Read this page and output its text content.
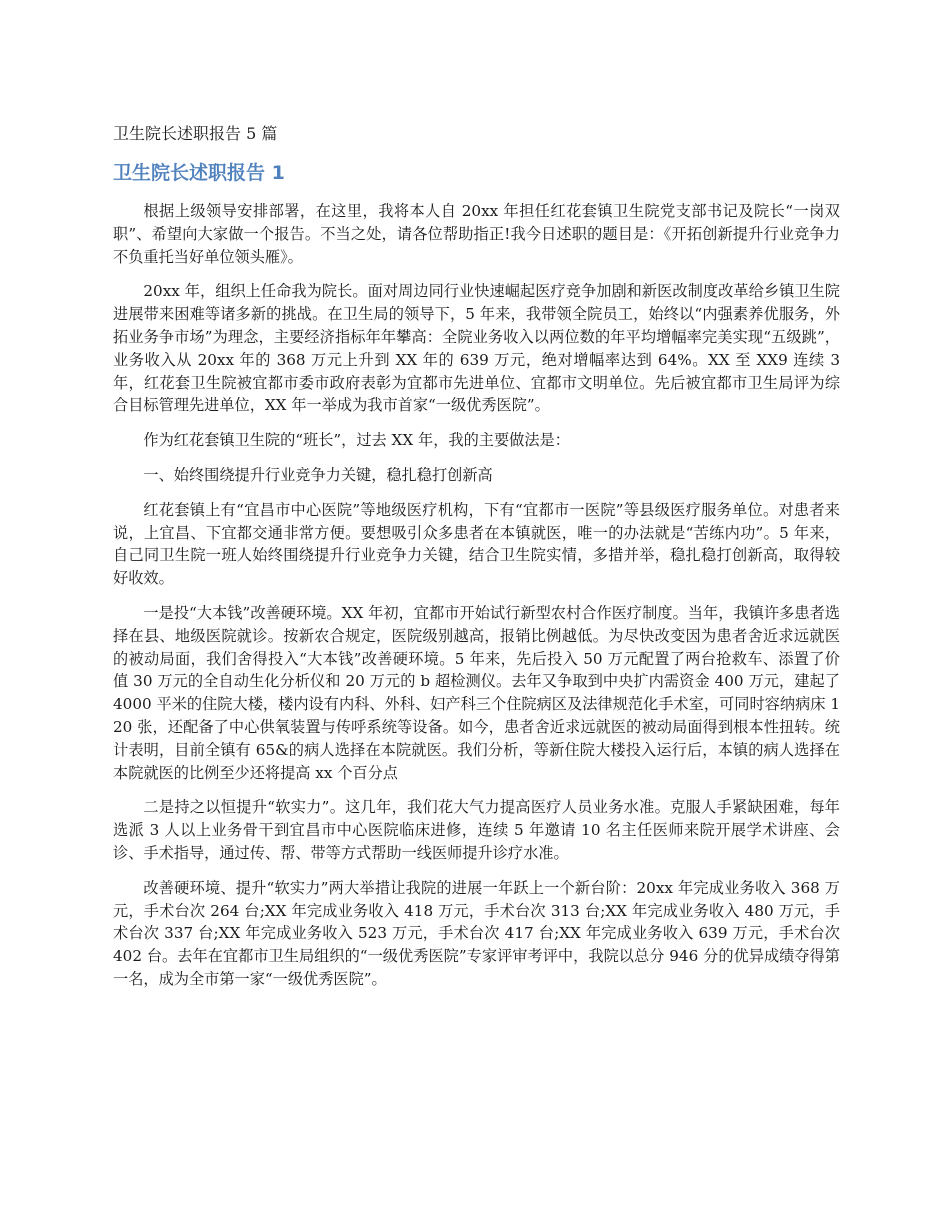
卫生院长述职报告 5 篇
卫生院长述职报告 1

根据上级领导安排部署，在这里，我将本人自 20xx 年担任红花套镇卫生院党支部书记及院长“一岗双职”、希望向大家做一个报告。不当之处，请各位帮助指正!我今日述职的题目是：《开拓创新提升行业竞争力 不负重托当好单位领头雁》。

20xx 年，组织上任命我为院长。面对周边同行业快速崛起医疗竞争加剧和新医改制度改革给乡镇卫生院进展带来困难等诸多新的挑战。在卫生局的领导下，5 年来，我带领全院员工，始终以“内强素养优服务，外拓业务争市场”为理念，主要经济指标年年攀高：全院业务收入以两位数的年平均增幅率完美实现“五级跳”，业务收入从 20xx 年的 368 万元上升到 XX 年的 639 万元，绝对增幅率达到 64%。XX 至 XX9 连续 3 年，红花套卫生院被宜都市委市政府表彰为宜都市先进单位、宜都市文明单位。先后被宜都市卫生局评为综合目标管理先进单位，XX 年一举成为我市首家“一级优秀医院”。

作为红花套镇卫生院的“班长”，过去 XX 年，我的主要做法是：

一、始终围绕提升行业竞争力关键，稳扎稳打创新高

红花套镇上有“宜昌市中心医院”等地级医疗机构，下有“宜都市一医院”等县级医疗服务单位。对患者来说，上宜昌、下宜都交通非常方便。要想吸引众多患者在本镇就医，唯一的办法就是“苦练内功”。5 年来，自己同卫生院一班人始终围绕提升行业竞争力关键，结合卫生院实情，多措并举，稳扎稳打创新高，取得较好收效。

一是投“大本钱”改善硬环境。XX 年初，宜都市开始试行新型农村合作医疗制度。当年，我镇许多患者选择在县、地级医院就诊。按新农合规定，医院级别越高，报销比例越低。为尽快改变因为患者舍近求远就医的被动局面，我们舍得投入“大本钱”改善硬环境。5 年来，先后投入 50 万元配置了两台抢救车、添置了价值 30 万元的全自动生化分析仪和 20 万元的 b 超检测仪。去年又争取到中央扩内需资金 400 万元，建起了 4000 平米的住院大楼，楼内设有内科、外科、妇产科三个住院病区及法律规范化手术室，可同时容纳病床 120 张，还配备了中心供氧装置与传呼系统等设备。如今，患者舍近求远就医的被动局面得到根本性扭转。统计表明，目前全镇有 65&的病人选择在本院就医。我们分析，等新住院大楼投入运行后，本镇的病人选择在本院就医的比例至少还将提高 xx 个百分点

二是持之以恒提升“软实力”。这几年，我们花大气力提高医疗人员业务水准。克服人手紧缺困难，每年选派 3 人以上业务骨干到宜昌市中心医院临床进修，连续 5 年邀请 10 名主任医师来院开展学术讲座、会诊、手术指导，通过传、帮、带等方式帮助一线医师提升诊疗水准。

改善硬环境、提升“软实力”两大举措让我院的进展一年跃上一个新台阶：20xx 年完成业务收入 368 万元，手术台次 264 台;XX 年完成业务收入 418 万元，手术台次 313 台;XX 年完成业务收入 480 万元，手术台次 337 台;XX 年完成业务收入 523 万元，手术台次 417 台;XX 年完成业务收入 639 万元，手术台次 402 台。去年在宜都市卫生局组织的“一级优秀医院”专家评审考评中，我院以总分 946 分的优异成绩夺得第一名，成为全市第一家“一级优秀医院”。
